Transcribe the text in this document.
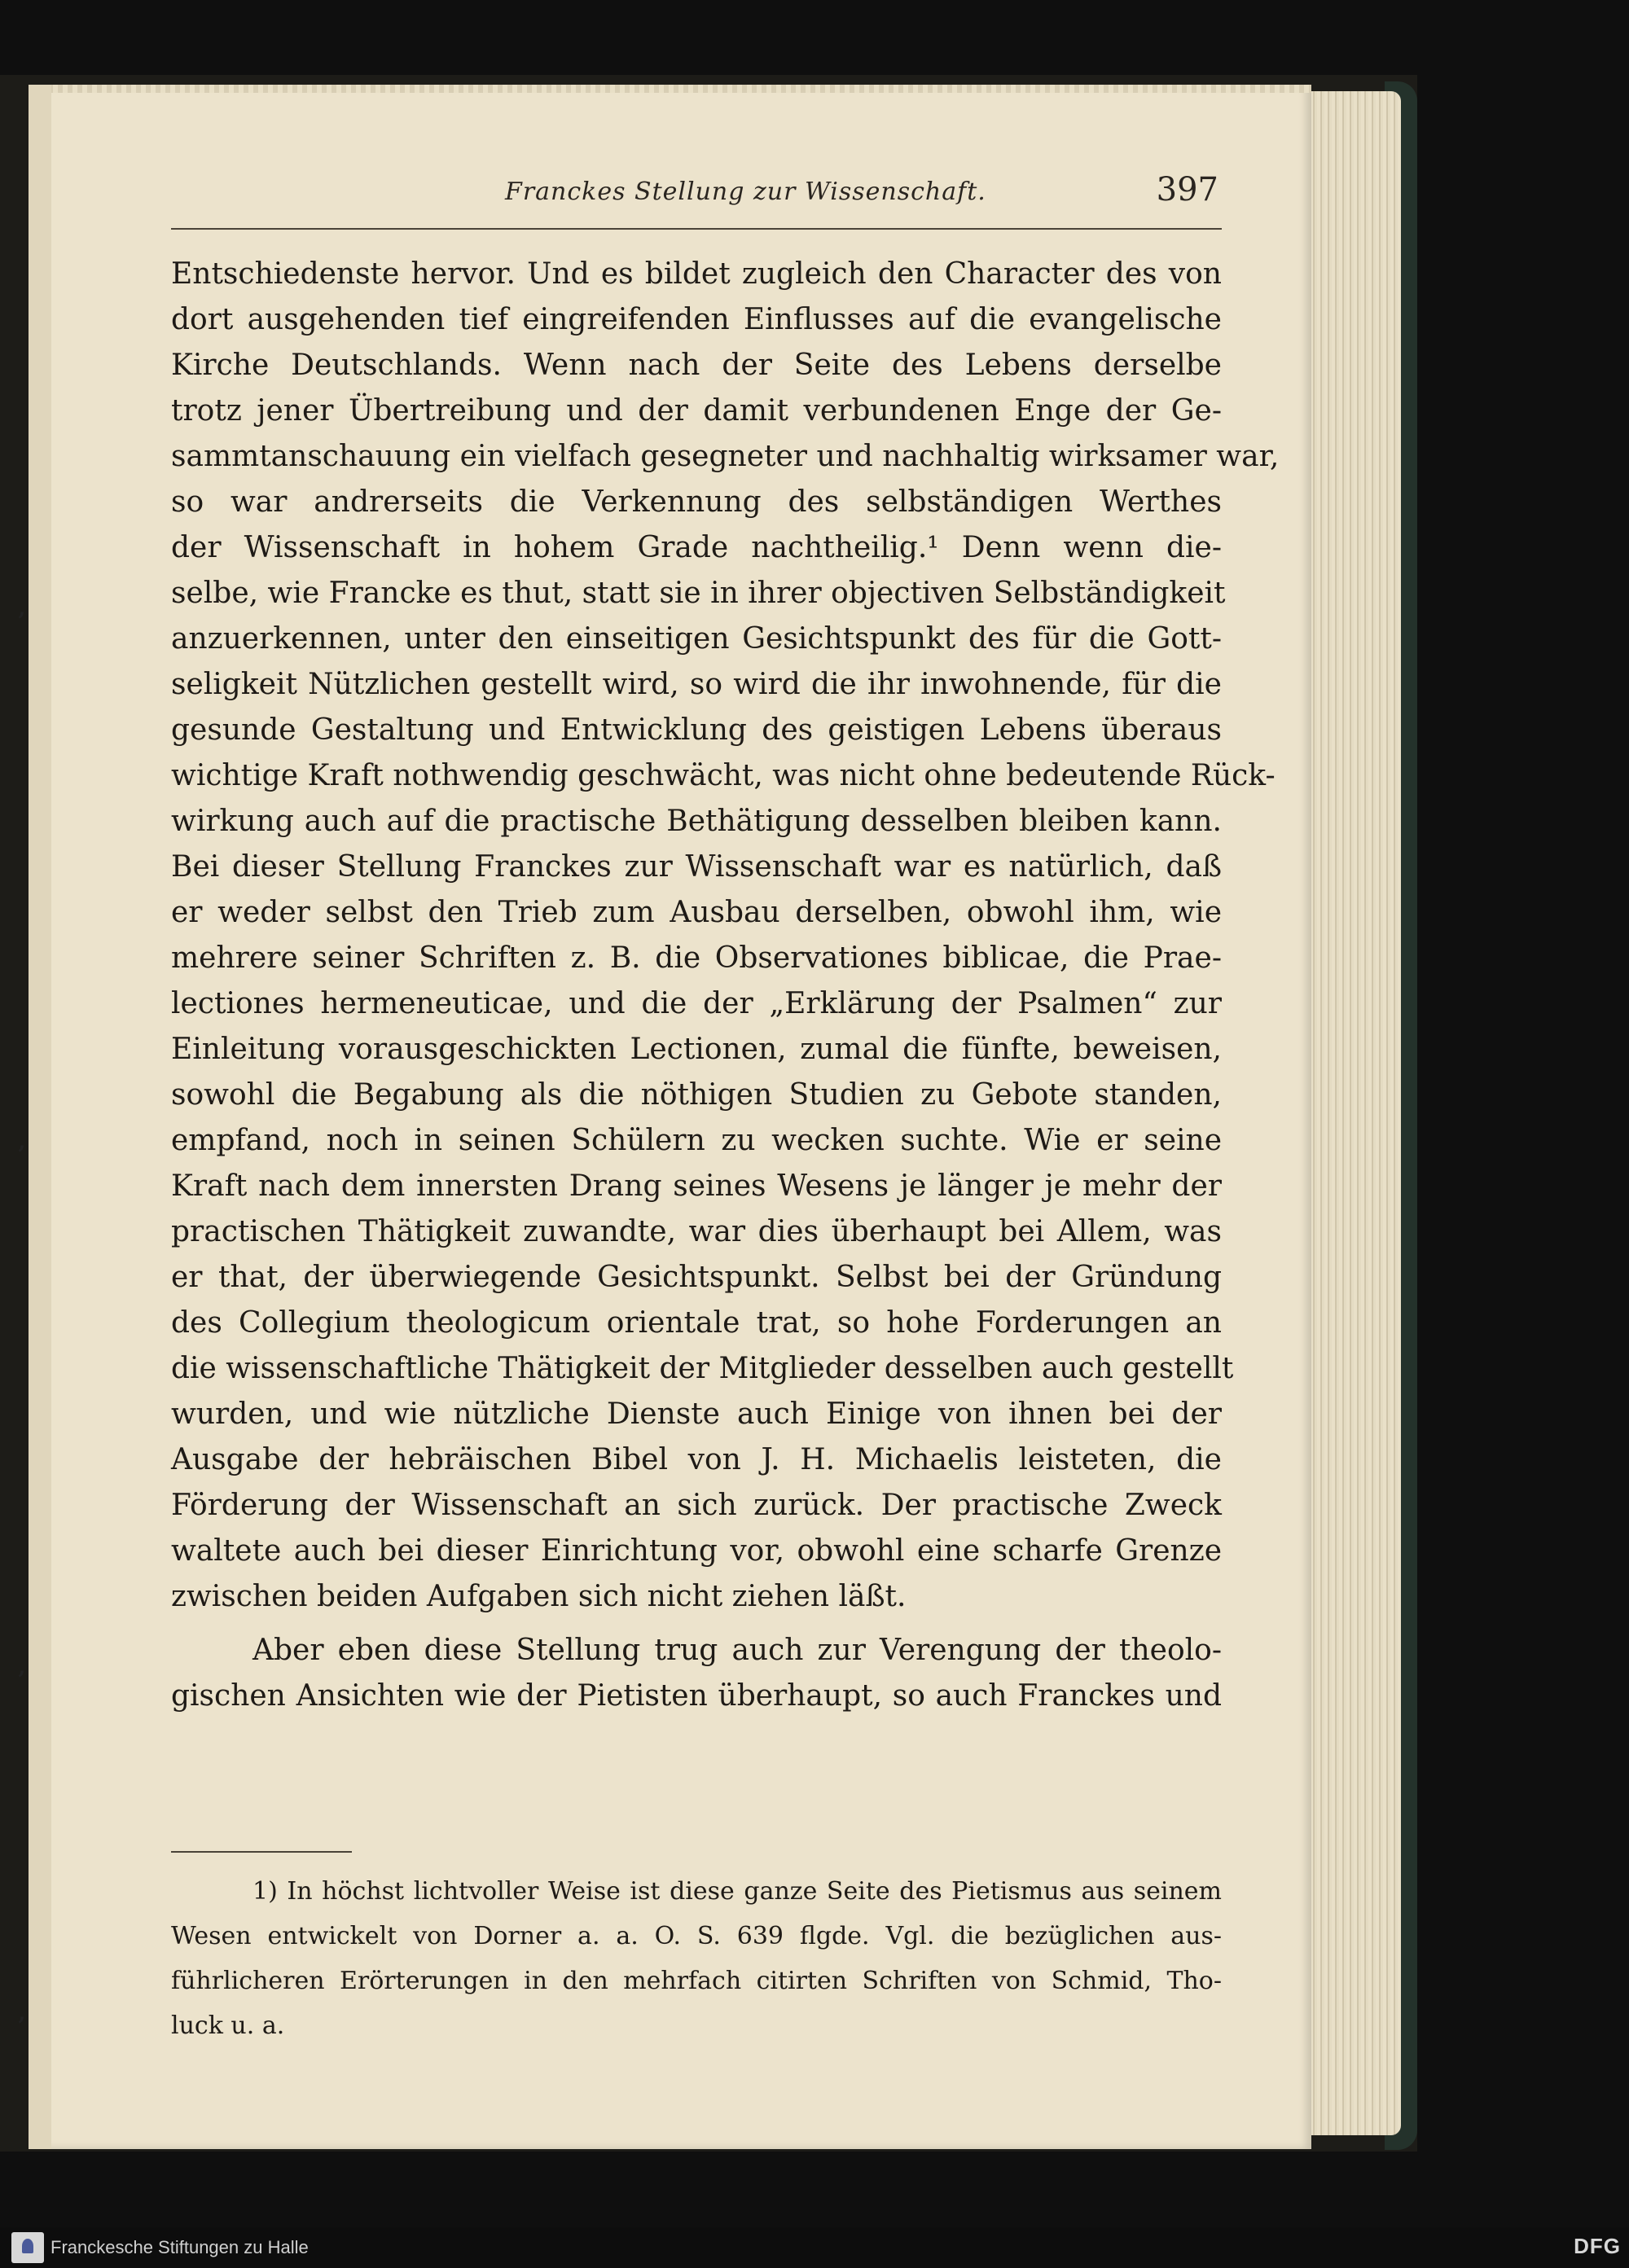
Franckes Stellung zur Wissenschaft.	397
Entschiedenste hervor. Und es bildet zugleich den Character des von
dort ausgehenden tief eingreifenden Einflusses auf die evangelische
Kirche Deutschlands. Wenn nach der Seite des Lebens derselbe
trotz jener Übertreibung und der damit verbundenen Enge der Ge-
sammtanschauung ein vielfach gesegneter und nachhaltig wirksamer war,
so war andrerseits die Verkennung des selbständigen Werthes
der Wissenschaft in hohem Grade nachtheilig.¹ Denn wenn die-
selbe, wie Francke es thut, statt sie in ihrer objectiven Selbständigkeit
anzuerkennen, unter den einseitigen Gesichtspunkt des für die Gott-
seligkeit Nützlichen gestellt wird, so wird die ihr inwohnende, für die
gesunde Gestaltung und Entwicklung des geistigen Lebens überaus
wichtige Kraft nothwendig geschwächt, was nicht ohne bedeutende Rück-
wirkung auch auf die practische Bethätigung desselben bleiben kann.
Bei dieser Stellung Franckes zur Wissenschaft war es natürlich, daß
er weder selbst den Trieb zum Ausbau derselben, obwohl ihm, wie
mehrere seiner Schriften z. B. die Observationes biblicae, die Prae-
lectiones hermeneuticae, und die der „Erklärung der Psalmen“ zur
Einleitung vorausgeschickten Lectionen, zumal die fünfte, beweisen,
sowohl die Begabung als die nöthigen Studien zu Gebote standen,
empfand, noch in seinen Schülern zu wecken suchte. Wie er seine
Kraft nach dem innersten Drang seines Wesens je länger je mehr der
practischen Thätigkeit zuwandte, war dies überhaupt bei Allem, was
er that, der überwiegende Gesichtspunkt. Selbst bei der Gründung
des Collegium theologicum orientale trat, so hohe Forderungen an
die wissenschaftliche Thätigkeit der Mitglieder desselben auch gestellt
wurden, und wie nützliche Dienste auch Einige von ihnen bei der
Ausgabe der hebräischen Bibel von J. H. Michaelis leisteten, die
Förderung der Wissenschaft an sich zurück. Der practische Zweck
waltete auch bei dieser Einrichtung vor, obwohl eine scharfe Grenze
zwischen beiden Aufgaben sich nicht ziehen läßt.
Aber eben diese Stellung trug auch zur Verengung der theolo-
gischen Ansichten wie der Pietisten überhaupt, so auch Franckes und
1) In höchst lichtvoller Weise ist diese ganze Seite des Pietismus aus seinem
Wesen entwickelt von Dorner a. a. O. S. 639 flgde. Vgl. die bezüglichen aus-
führlicheren Erörterungen in den mehrfach citirten Schriften von Schmid, Tho-
luck u. a.
‚
‚
‚
‚
Franckesche Stiftungen zu Halle	DFG
